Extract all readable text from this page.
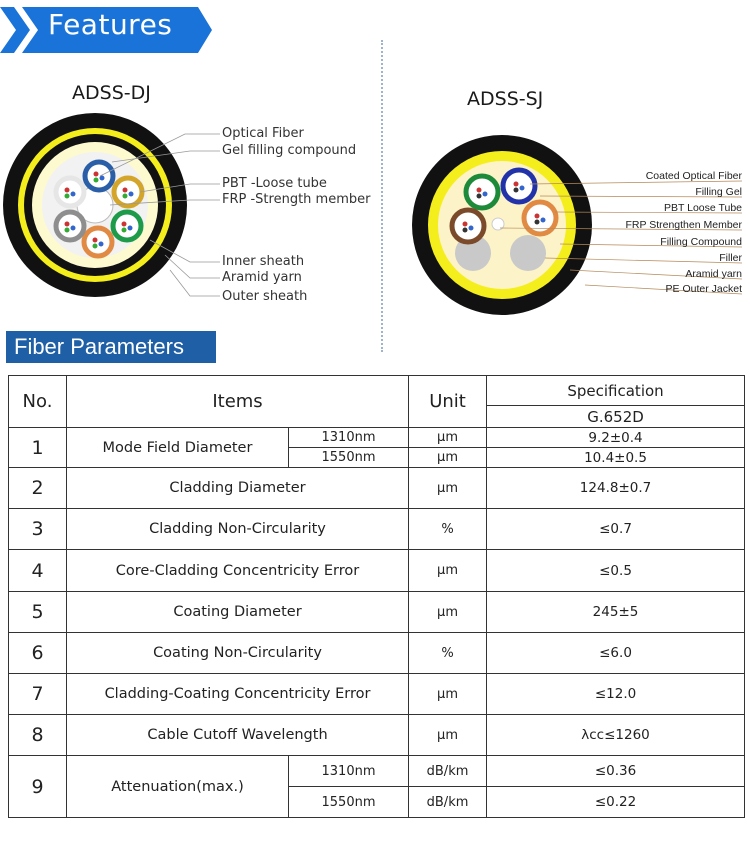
Features
ADSS-DJ	ADSS-SJ
Optical Fiber
Gel filling compound
PBT -Loose tube
FRP -Strength member
Inner sheath
Aramid yarn
Outer sheath
Coated Optical Fiber
Filling Gel
PBT Loose Tube
FRP Strengthen Member
Filling Compound
Filler
Aramid yarn
PE Outer Jacket
Fiber Parameters
No.	Items		Unit	Specification
				G.652D
1	Mode Field Diameter	1310nm	μm	9.2±0.4
		1550nm	μm	10.4±0.5
2	Cladding Diameter		μm	124.8±0.7
3	Cladding Non-Circularity		%	≤0.7
4	Core-Cladding Concentricity Error		μm	≤0.5
5	Coating Diameter		μm	245±5
6	Coating Non-Circularity		%	≤6.0
7	Cladding-Coating Concentricity Error		μm	≤12.0
8	Cable Cutoff Wavelength		μm	λcc≤1260
9	Attenuation(max.)	1310nm	dB/km	≤0.36
		1550nm	dB/km	≤0.22
